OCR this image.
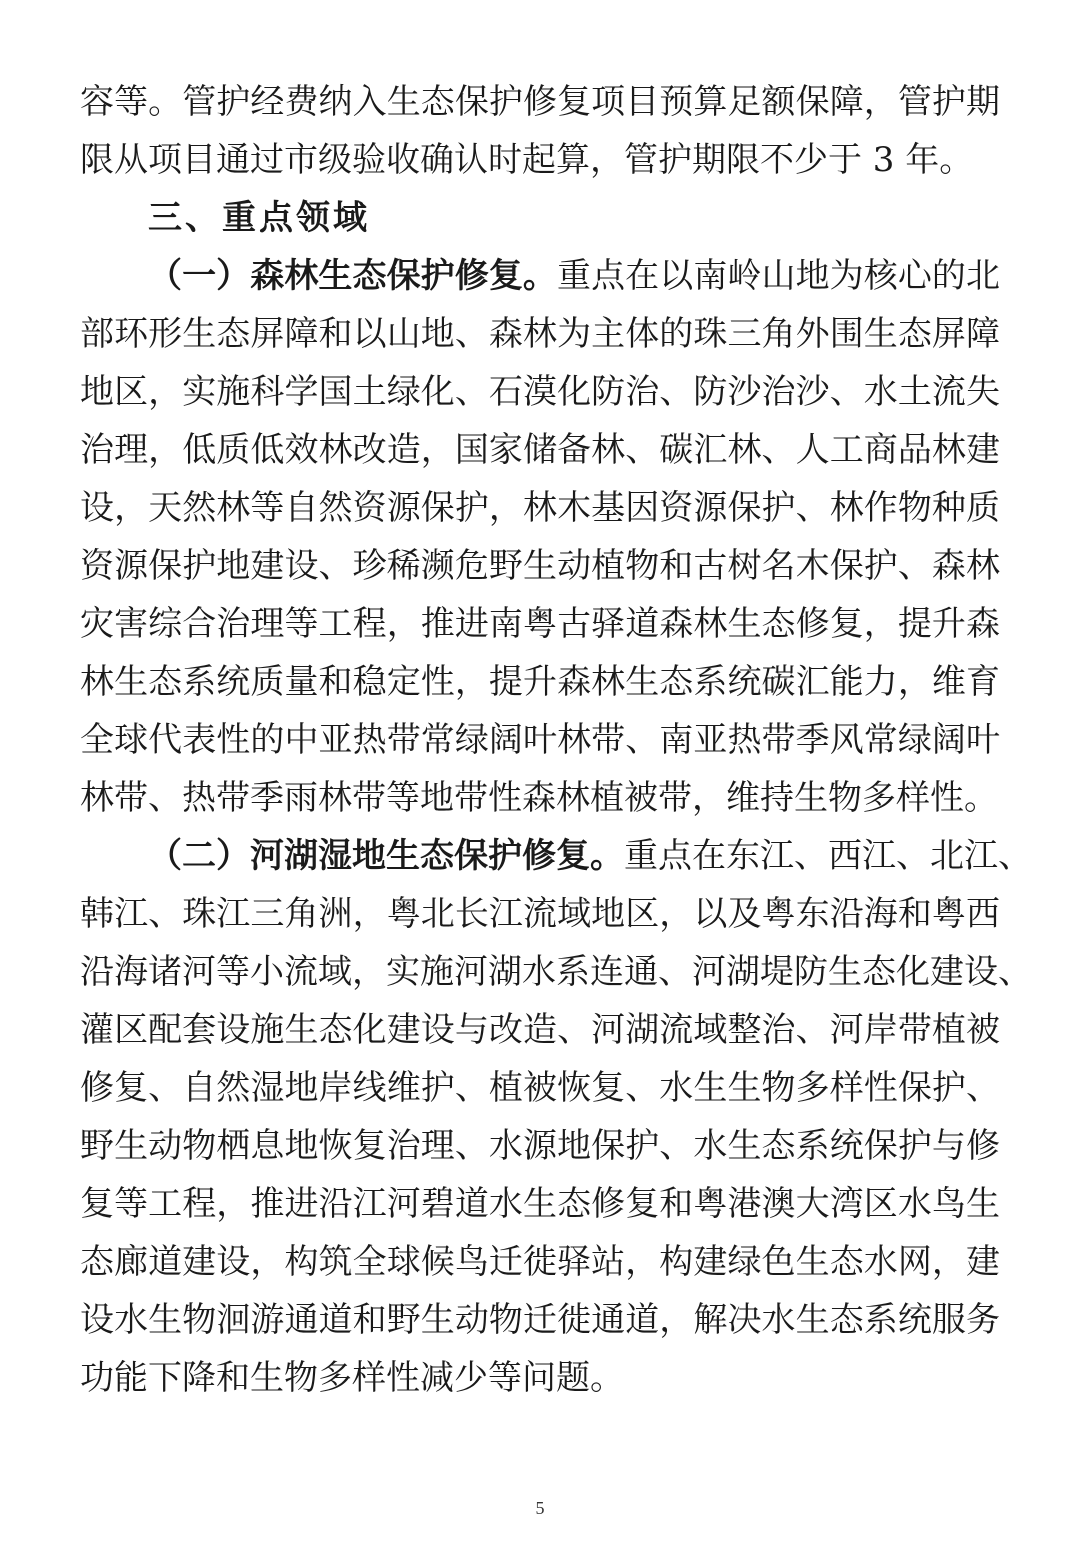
容等。管护经费纳入生态保护修复项目预算足额保障，管护期
限从项目通过市级验收确认时起算，管护期限不少于 3 年。
三、重点领域
（一）森林生态保护修复。重点在以南岭山地为核心的北
部环形生态屏障和以山地、森林为主体的珠三角外围生态屏障
地区，实施科学国土绿化、石漠化防治、防沙治沙、水土流失
治理，低质低效林改造，国家储备林、碳汇林、人工商品林建
设，天然林等自然资源保护，林木基因资源保护、林作物种质
资源保护地建设、珍稀濒危野生动植物和古树名木保护、森林
灾害综合治理等工程，推进南粤古驿道森林生态修复，提升森
林生态系统质量和稳定性，提升森林生态系统碳汇能力，维育
全球代表性的中亚热带常绿阔叶林带、南亚热带季风常绿阔叶
林带、热带季雨林带等地带性森林植被带，维持生物多样性。
（二）河湖湿地生态保护修复。重点在东江、西江、北江、
韩江、珠江三角洲，粤北长江流域地区，以及粤东沿海和粤西
沿海诸河等小流域，实施河湖水系连通、河湖堤防生态化建设、
灌区配套设施生态化建设与改造、河湖流域整治、河岸带植被
修复、自然湿地岸线维护、植被恢复、水生生物多样性保护、
野生动物栖息地恢复治理、水源地保护、水生态系统保护与修
复等工程，推进沿江河碧道水生态修复和粤港澳大湾区水鸟生
态廊道建设，构筑全球候鸟迁徙驿站，构建绿色生态水网，建
设水生物洄游通道和野生动物迁徙通道，解决水生态系统服务
功能下降和生物多样性减少等问题。
5
